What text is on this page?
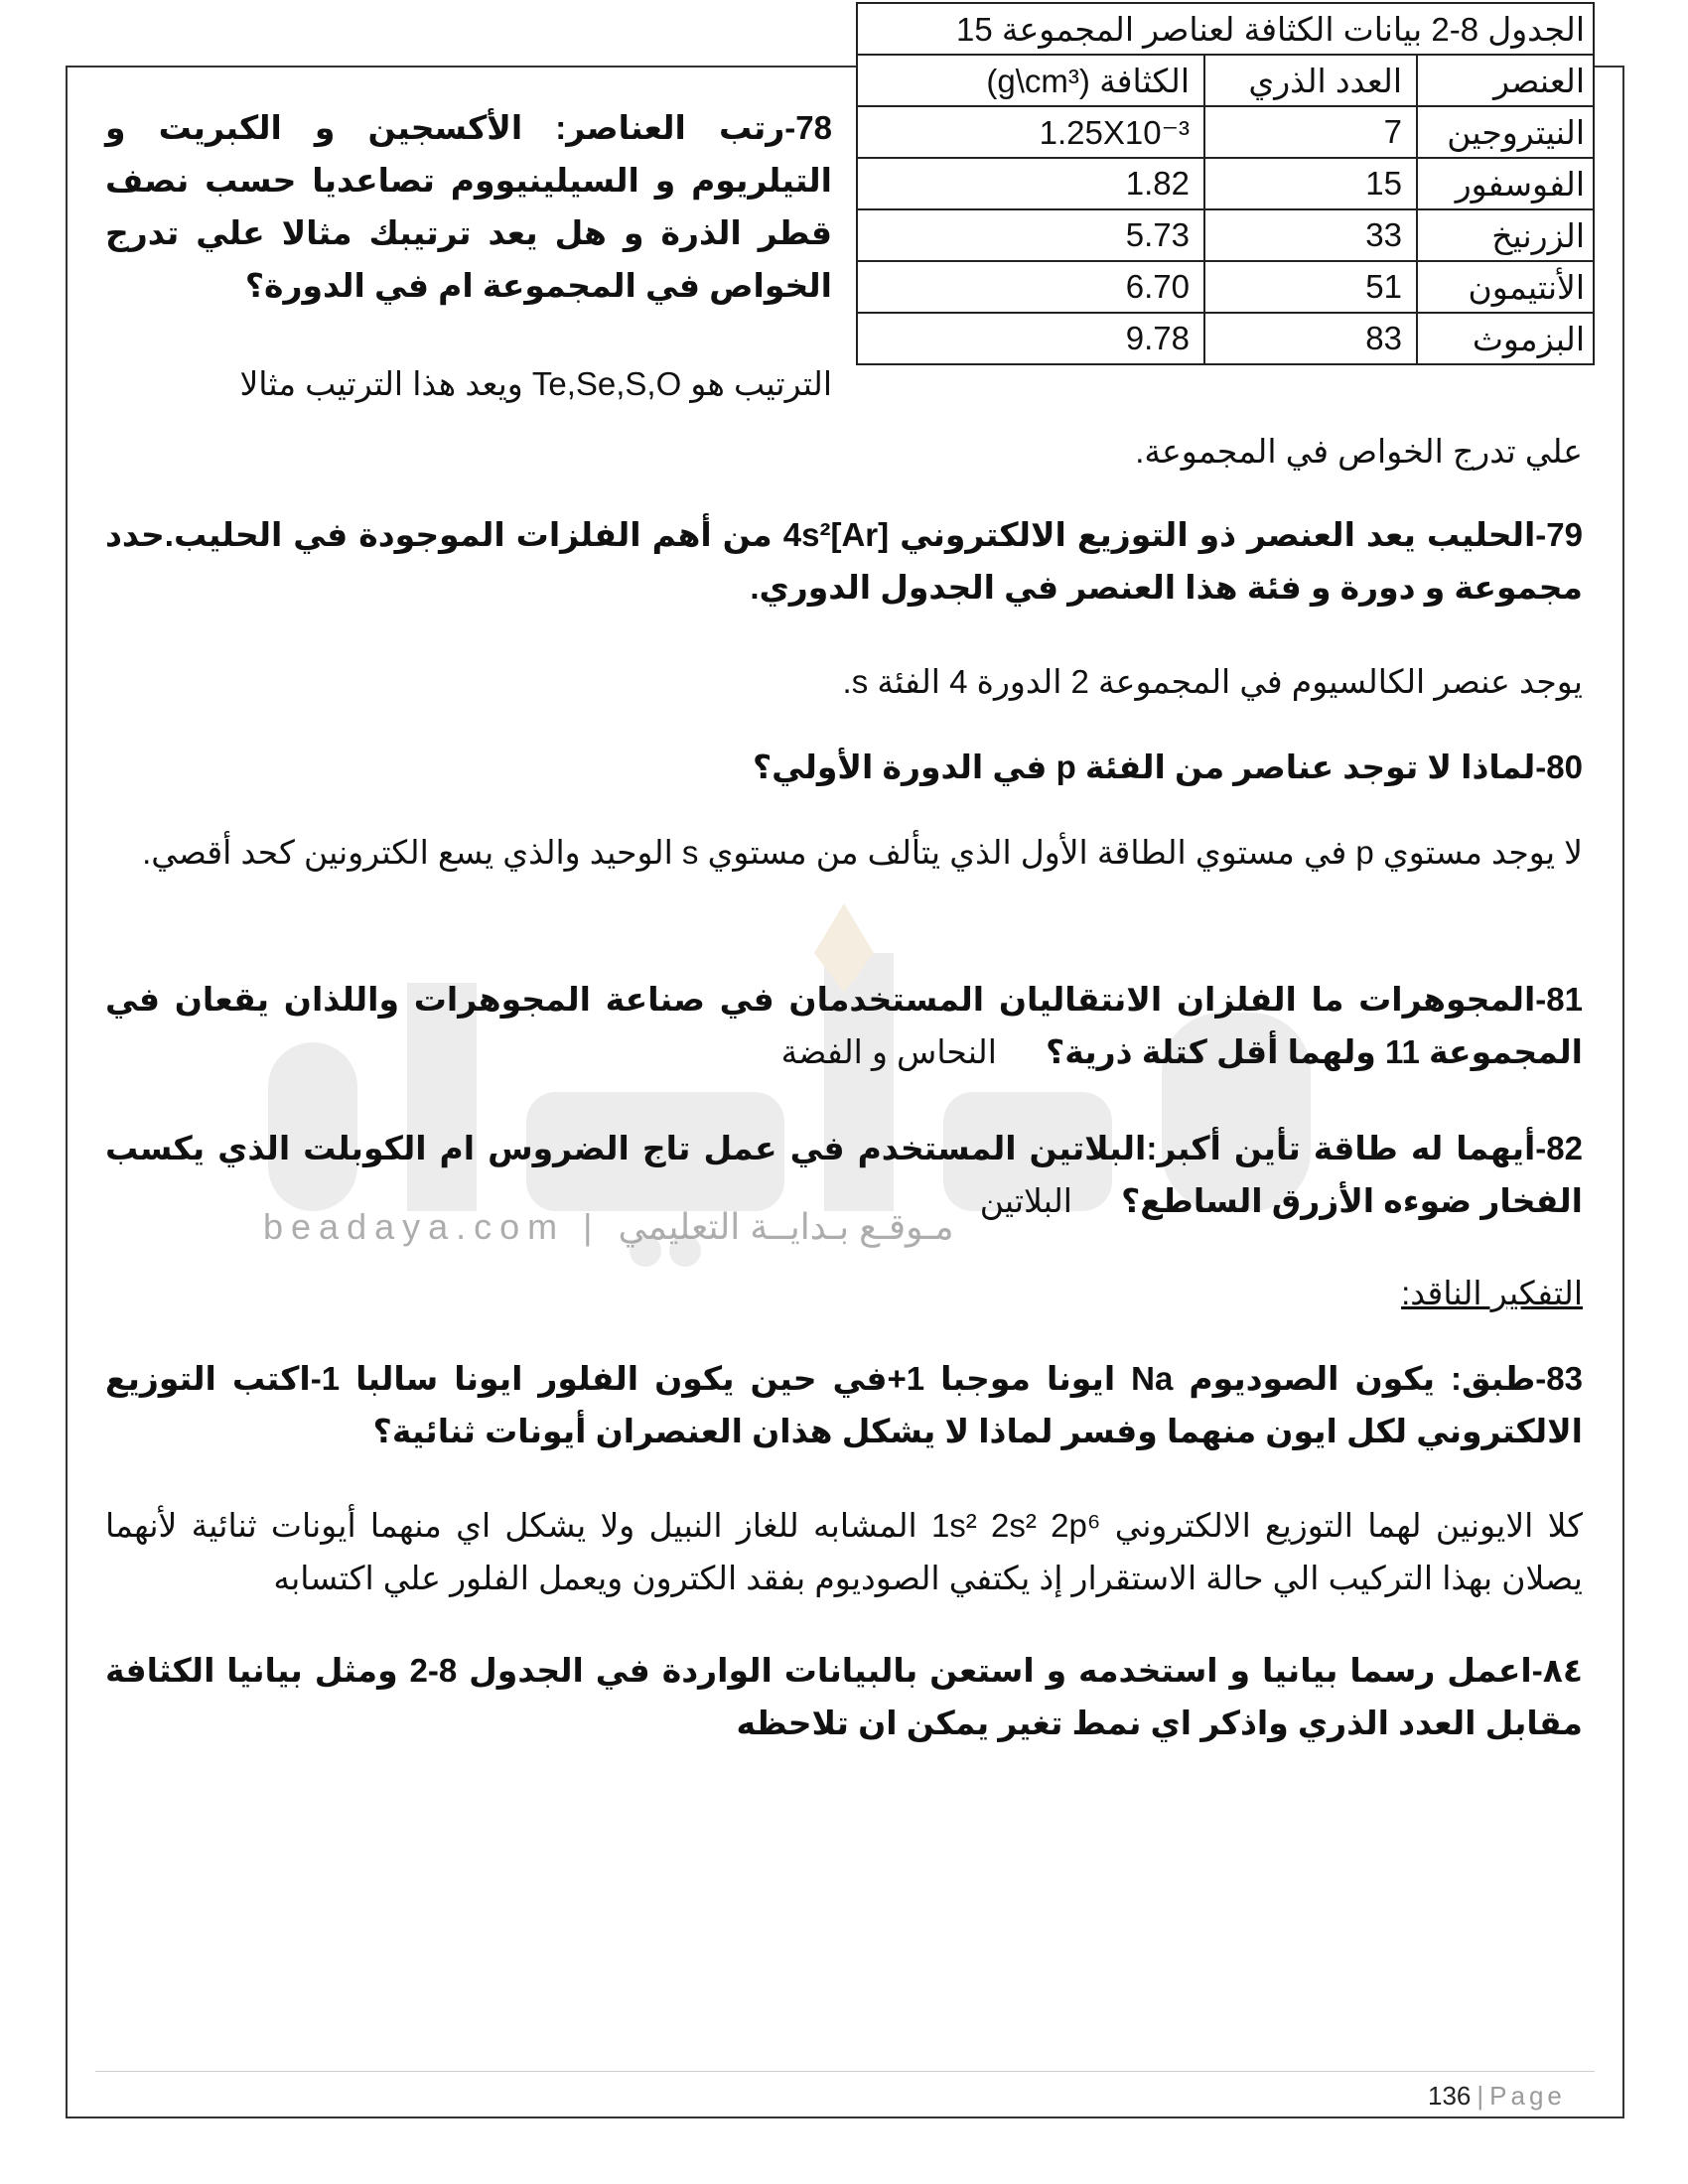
beadaya.com | مـوقـع بـدايــة التعليمي
الجدول 8-2 بيانات الكثافة لعناصر المجموعة 15		
العنصر	العدد الذري	الكثافة (g\cm³)
النيتروجين	7	1.25X10⁻³
الفوسفور	15	1.82
الزرنيخ	33	5.73
الأنتيمون	51	6.70
البزموث	83	9.78
78-رتب العناصر: الأكسجين و الكبريت و التيلريوم و السيلينيووم تصاعديا حسب نصف قطر الذرة و هل يعد ترتيبك مثالا علي تدرج الخواص في المجموعة ام في الدورة؟
الترتيب هو Te,Se,S,O ويعد هذا الترتيب مثالا
علي تدرج الخواص في المجموعة.
79-الحليب يعد العنصر ذو التوزيع الالكتروني [Ar]4s² من أهم الفلزات الموجودة في الحليب.حدد مجموعة و دورة و فئة هذا العنصر في الجدول الدوري.
يوجد عنصر الكالسيوم في المجموعة 2 الدورة 4 الفئة s.
80-لماذا لا توجد عناصر من الفئة p في الدورة الأولي؟
لا يوجد مستوي p في مستوي الطاقة الأول الذي يتألف من مستوي s الوحيد والذي يسع الكترونين كحد أقصي.
81-المجوهرات ما الفلزان الانتقاليان المستخدمان في صناعة المجوهرات واللذان يقعان في المجموعة 11 ولهما أقل كتلة ذرية؟ النحاس و الفضة
82-أيهما له طاقة تأين أكبر:البلاتين المستخدم في عمل تاج الضروس ام الكوبلت الذي يكسب الفخار ضوءه الأزرق الساطع؟ البلاتين
التفكير الناقد:
83-طبق: يكون الصوديوم Na ايونا موجبا 1+في حين يكون الفلور ايونا سالبا 1-اكتب التوزيع الالكتروني لكل ايون منهما وفسر لماذا لا يشكل هذان العنصران أيونات ثنائية؟
كلا الايونين لهما التوزيع الالكتروني 1s² 2s² 2p⁶ المشابه للغاز النبيل ولا يشكل اي منهما أيونات ثنائية لأنهما يصلان بهذا التركيب الي حالة الاستقرار إذ يكتفي الصوديوم بفقد الكترون ويعمل الفلور علي اكتسابه
٨٤-اعمل رسما بيانيا و استخدمه و استعن بالبيانات الواردة في الجدول 8-2 ومثل بيانيا الكثافة مقابل العدد الذري واذكر اي نمط تغير يمكن ان تلاحظه
136 | Page
